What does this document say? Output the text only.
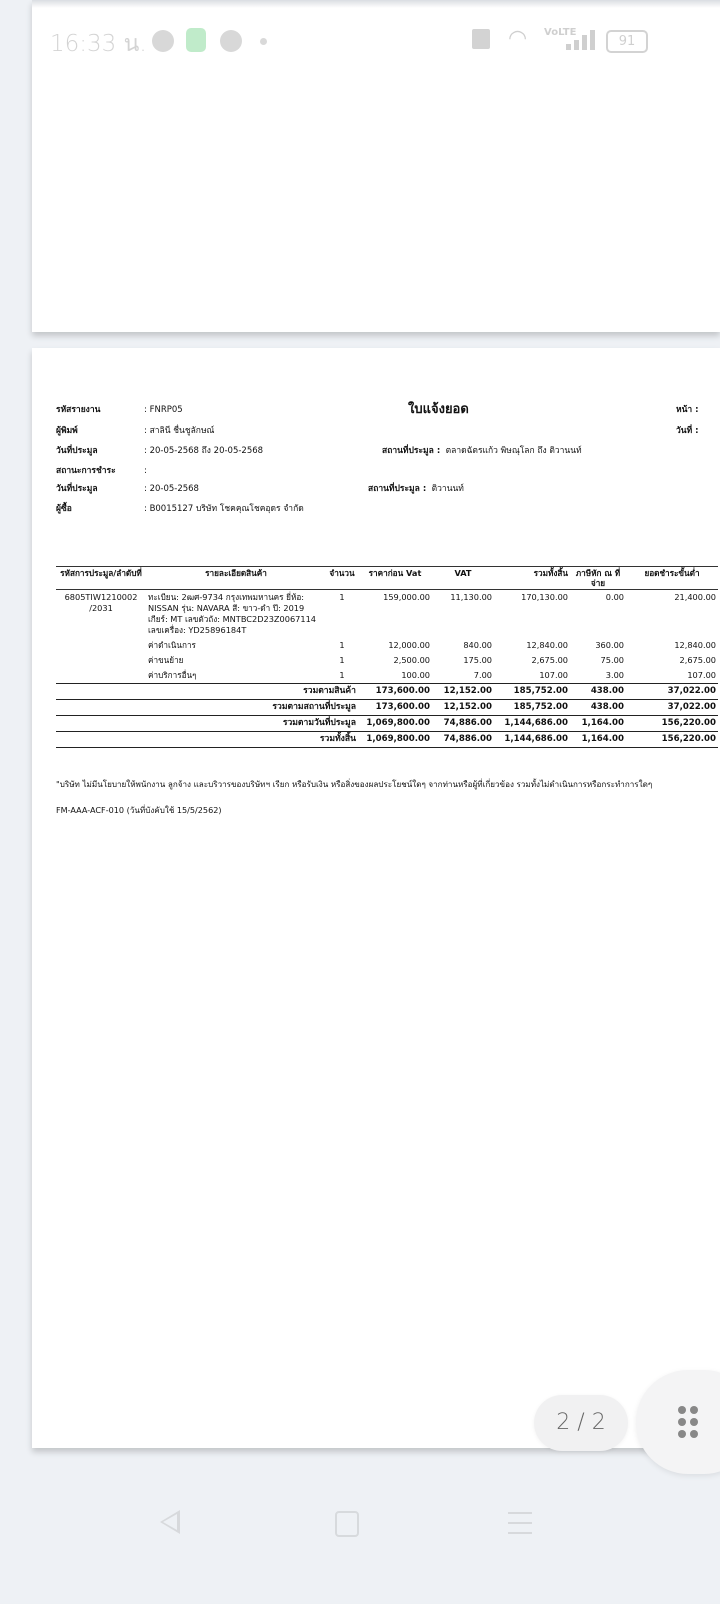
16:33 น.	◠ VoLTE
91
รหัสรายงาน	: FNRP05
ผู้พิมพ์	: สาลินี ชื่นชูลักษณ์
วันที่ประมูล	: 20-05-2568 ถึง 20-05-2568
สถานะการชำระ	:
วันที่ประมูล	: 20-05-2568
ผู้ซื้อ	: B0015127 บริษัท โชคคุณโชคอุดร จำกัด
ใบแจ้งยอด
สถานที่ประมูล : ตลาดฉัตรแก้ว พิษณุโลก ถึง ติวานนท์
สถานที่ประมูล : ติวานนท์
หน้า :
วันที่ :
รหัสการประมูล/ลำดับที่	รายละเอียดสินค้า	จำนวน	ราคาก่อน Vat	VAT	รวมทั้งสิ้น	ภาษีหัก ณ ที่จ่าย	ยอดชำระขั้นต่ำ
6805TIW1210002 /2031	ทะเบียน: 2ฒศ-9734 กรุงเทพมหานคร ยี่ห้อ: NISSAN รุ่น: NAVARA สี: ขาว-ดำ ปี: 2019 เกียร์: MT เลขตัวถัง: MNTBC2D23Z0067114 เลขเครื่อง: YD25896184T	1	159,000.00	11,130.00	170,130.00	0.00	21,400.00
	ค่าดำเนินการ	1	12,000.00	840.00	12,840.00	360.00	12,840.00
	ค่าขนย้าย	1	2,500.00	175.00	2,675.00	75.00	2,675.00
	ค่าบริการอื่นๆ	1	100.00	7.00	107.00	3.00	107.00
รวมตามสินค้า			173,600.00	12,152.00	185,752.00	438.00	37,022.00
รวมตามสถานที่ประมูล			173,600.00	12,152.00	185,752.00	438.00	37,022.00
รวมตามวันที่ประมูล			1,069,800.00	74,886.00	1,144,686.00	1,164.00	156,220.00
รวมทั้งสิ้น			1,069,800.00	74,886.00	1,144,686.00	1,164.00	156,220.00
"บริษัท ไม่มีนโยบายให้พนักงาน ลูกจ้าง และบริวารของบริษัทฯ เรียก หรือรับเงิน หรือสิ่งของผลประโยชน์ใดๆ จากท่านหรือผู้ที่เกี่ยวข้อง รวมทั้งไม่ดำเนินการหรือกระทำการใดๆ
FM-AAA-ACF-010 (วันที่บังคับใช้ 15/5/2562)
2 / 2
